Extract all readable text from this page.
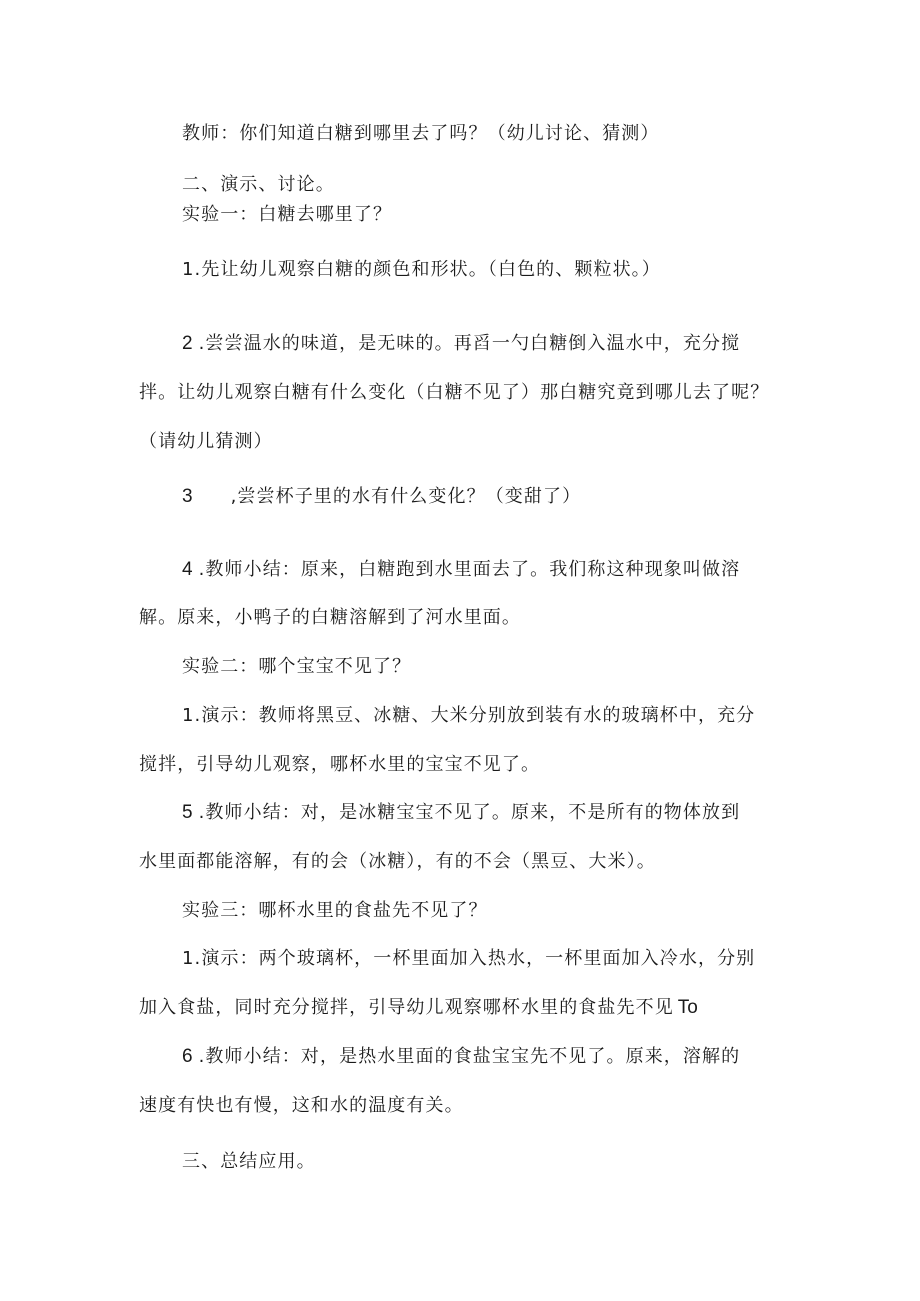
教师：你们知道白糖到哪里去了吗？（幼儿讨论、猜测）
二、演示、讨论。
实验一：白糖去哪里了？
1.先让幼儿观察白糖的颜色和形状。（白色的、颗粒状。）
2 .尝尝温水的味道，是无味的。再舀一勺白糖倒入温水中，充分搅
拌。让幼儿观察白糖有什么变化（白糖不见了）那白糖究竟到哪儿去了呢？
（请幼儿猜测）
3 ,尝尝杯子里的水有什么变化？（变甜了）
4 .教师小结：原来，白糖跑到水里面去了。我们称这种现象叫做溶
解。原来，小鸭子的白糖溶解到了河水里面。
实验二：哪个宝宝不见了？
1.演示：教师将黑豆、冰糖、大米分别放到装有水的玻璃杯中，充分
搅拌，引导幼儿观察，哪杯水里的宝宝不见了。
5 .教师小结：对，是冰糖宝宝不见了。原来，不是所有的物体放到
水里面都能溶解，有的会（冰糖），有的不会（黑豆、大米）。
实验三：哪杯水里的食盐先不见了？
1.演示：两个玻璃杯，一杯里面加入热水，一杯里面加入冷水，分别
加入食盐，同时充分搅拌，引导幼儿观察哪杯水里的食盐先不见 To
6 .教师小结：对，是热水里面的食盐宝宝先不见了。原来，溶解的
速度有快也有慢，这和水的温度有关。
三、总结应用。
